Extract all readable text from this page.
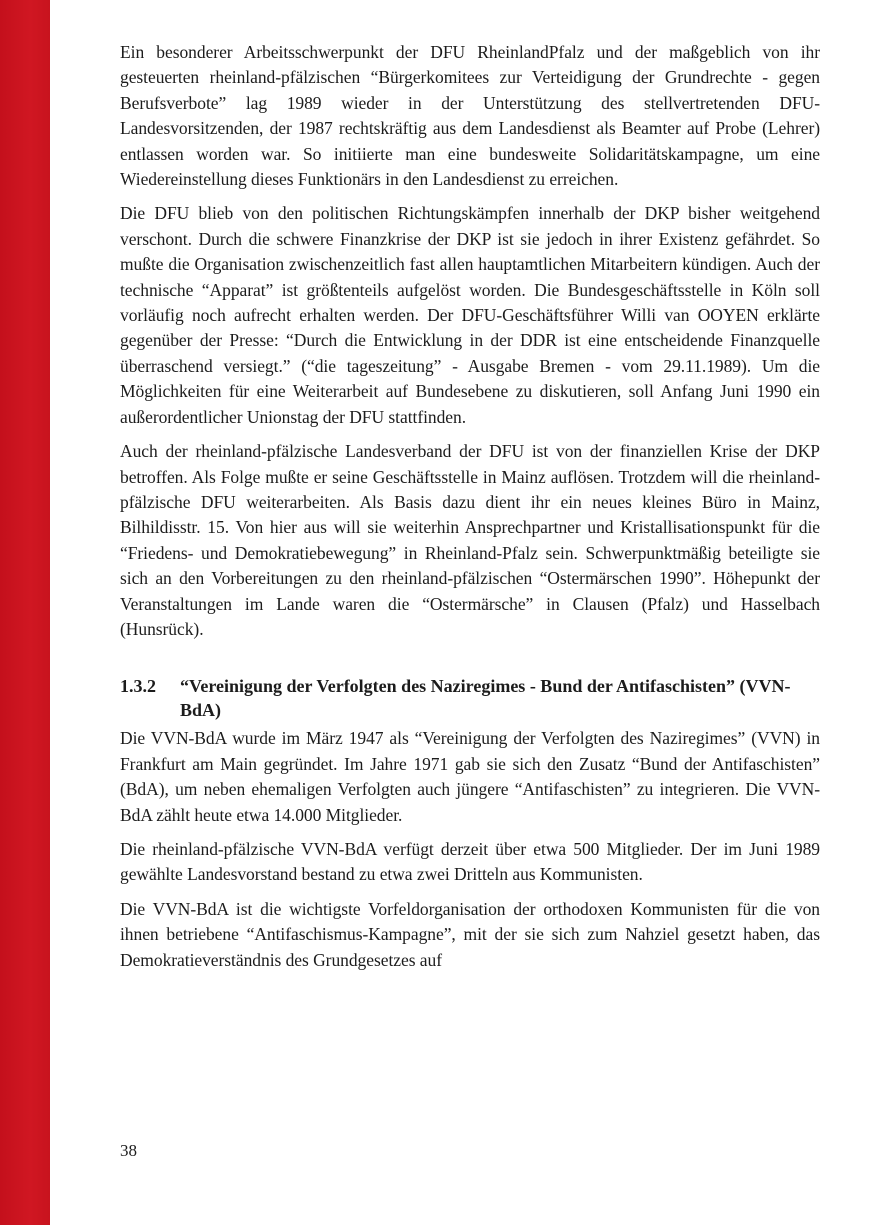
Ein besonderer Arbeitsschwerpunkt der DFU RheinlandPfalz und der maßgeblich von ihr gesteuerten rheinland-pfälzischen “Bürgerkomitees zur Verteidigung der Grundrechte - gegen Berufsverbote” lag 1989 wieder in der Unterstützung des stellvertretenden DFU-Landesvorsitzenden, der 1987 rechtskräftig aus dem Landesdienst als Beamter auf Probe (Lehrer) entlassen worden war. So initiierte man eine bundesweite Solidaritätskampagne, um eine Wiedereinstellung dieses Funktionärs in den Landesdienst zu erreichen.

Die DFU blieb von den politischen Richtungskämpfen innerhalb der DKP bisher weitgehend verschont. Durch die schwere Finanzkrise der DKP ist sie jedoch in ihrer Existenz gefährdet. So mußte die Organisation zwischenzeitlich fast allen hauptamtlichen Mitarbeitern kündigen. Auch der technische “Apparat” ist größtenteils aufgelöst worden. Die Bundesgeschäftsstelle in Köln soll vorläufig noch aufrecht erhalten werden. Der DFU-Geschäftsführer Willi van OOYEN erklärte gegenüber der Presse: “Durch die Entwicklung in der DDR ist eine entscheidende Finanzquelle überraschend versiegt.” (“die tageszeitung” - Ausgabe Bremen - vom 29.11.1989). Um die Möglichkeiten für eine Weiterarbeit auf Bundesebene zu diskutieren, soll Anfang Juni 1990 ein außerordentlicher Unionstag der DFU stattfinden.

Auch der rheinland-pfälzische Landesverband der DFU ist von der finanziellen Krise der DKP betroffen. Als Folge mußte er seine Geschäftsstelle in Mainz auflösen. Trotzdem will die rheinland-pfälzische DFU weiterarbeiten. Als Basis dazu dient ihr ein neues kleines Büro in Mainz, Bilhildisstr. 15. Von hier aus will sie weiterhin Ansprechpartner und Kristallisationspunkt für die “Friedens- und Demokratiebewegung” in Rheinland-Pfalz sein. Schwerpunktmäßig beteiligte sie sich an den Vorbereitungen zu den rheinland-pfälzischen “Ostermärschen 1990”. Höhepunkt der Veranstaltungen im Lande waren die “Ostermärsche” in Clausen (Pfalz) und Hasselbach (Hunsrück).

1.3.2	“Vereinigung der Verfolgten des Naziregimes - Bund der Antifaschisten” (VVN-BdA)

Die VVN-BdA wurde im März 1947 als “Vereinigung der Verfolgten des Naziregimes” (VVN) in Frankfurt am Main gegründet. Im Jahre 1971 gab sie sich den Zusatz “Bund der Antifaschisten” (BdA), um neben ehemaligen Verfolgten auch jüngere “Antifaschisten” zu integrieren. Die VVN-BdA zählt heute etwa 14.000 Mitglieder.

Die rheinland-pfälzische VVN-BdA verfügt derzeit über etwa 500 Mitglieder. Der im Juni 1989 gewählte Landesvorstand bestand zu etwa zwei Dritteln aus Kommunisten.

Die VVN-BdA ist die wichtigste Vorfeldorganisation der orthodoxen Kommunisten für die von ihnen betriebene “Antifaschismus-Kampagne”, mit der sie sich zum Nahziel gesetzt haben, das Demokratieverständnis des Grundgesetzes auf

38
